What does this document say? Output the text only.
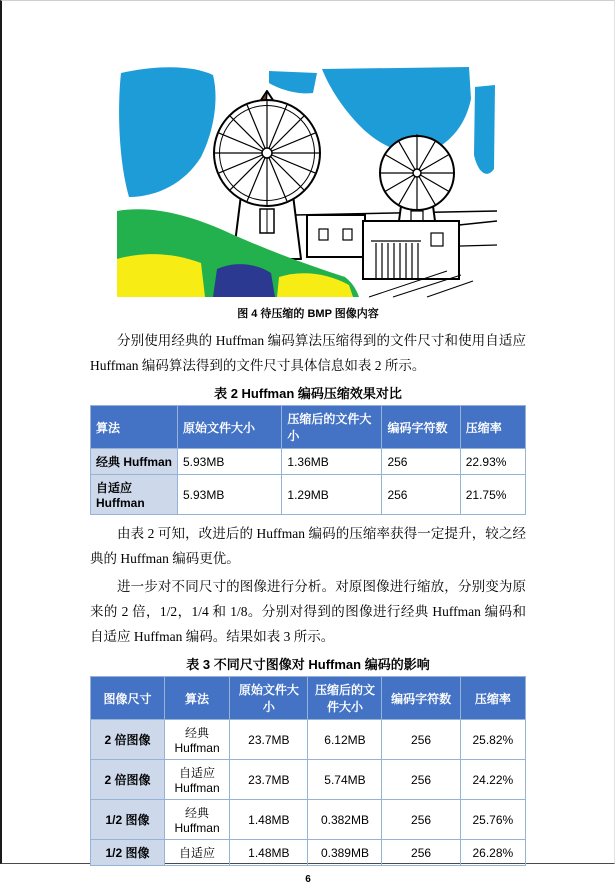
图 4 待压缩的 BMP 图像内容

分别使用经典的 Huffman 编码算法压缩得到的文件尺寸和使用自适应 Huffman 编码算法得到的文件尺寸具体信息如表 2 所示。

表 2 Huffman 编码压缩效果对比
算法	原始文件大小	压缩后的文件大小	编码字符数	压缩率
经典 Huffman	5.93MB	1.36MB	256	22.93%
自适应 Huffman	5.93MB	1.29MB	256	21.75%

由表 2 可知，改进后的 Huffman 编码的压缩率获得一定提升，较之经典的 Huffman 编码更优。

进一步对不同尺寸的图像进行分析。对原图像进行缩放，分别变为原来的 2 倍，1/2，1/4 和 1/8。分别对得到的图像进行经典 Huffman 编码和自适应 Huffman 编码。结果如表 3 所示。

表 3 不同尺寸图像对 Huffman 编码的影响
图像尺寸	算法	原始文件大小	压缩后的文件大小	编码字符数	压缩率
2 倍图像	经典 Huffman	23.7MB	6.12MB	256	25.82%
2 倍图像	自适应 Huffman	23.7MB	5.74MB	256	24.22%
1/2 图像	经典 Huffman	1.48MB	0.382MB	256	25.76%
1/2 图像	自适应	1.48MB	0.389MB	256	26.28%
6
